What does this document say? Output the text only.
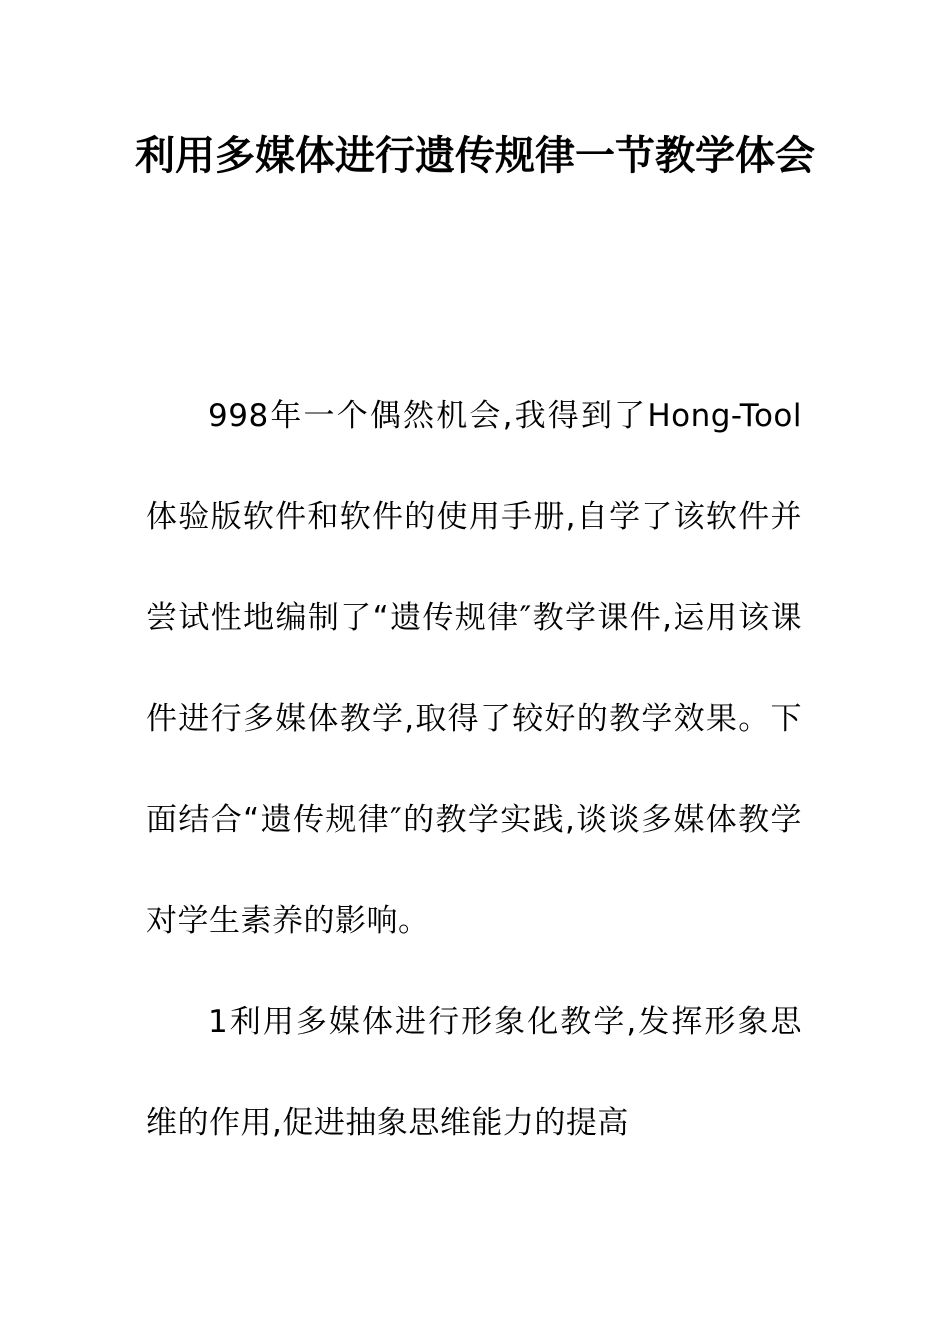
利用多媒体进行遗传规律一节教学体会

998年一个偶然机会,我得到了Hong-Tool体验版软件和软件的使用手册,自学了该软件并尝试性地编制了“遗传规律″教学课件,运用该课件进行多媒体教学,取得了较好的教学效果。下面结合“遗传规律″的教学实践,谈谈多媒体教学对学生素养的影响。

1利用多媒体进行形象化教学,发挥形象思维的作用,促进抽象思维能力的提高
